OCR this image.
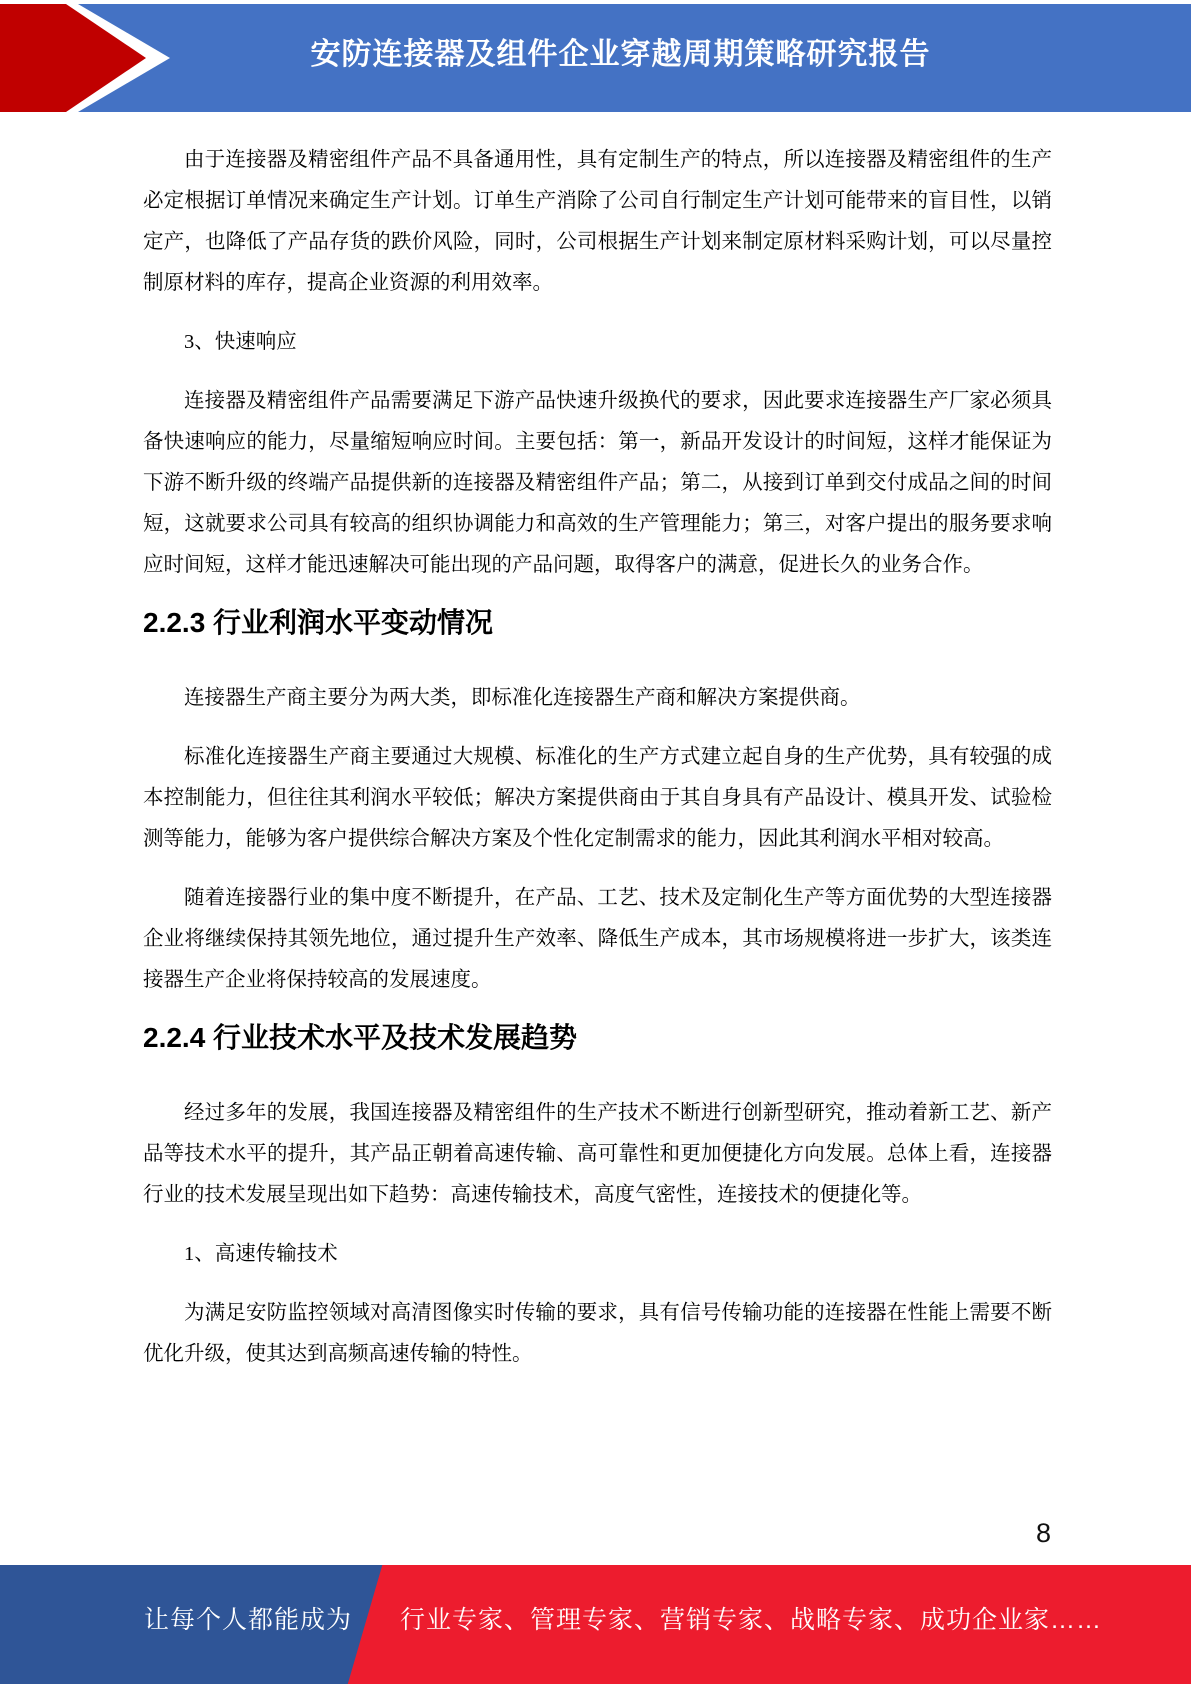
安防连接器及组件企业穿越周期策略研究报告
由于连接器及精密组件产品不具备通用性，具有定制生产的特点，所以连接器及精密组件的生产必定根据订单情况来确定生产计划。订单生产消除了公司自行制定生产计划可能带来的盲目性，以销定产，也降低了产品存货的跌价风险，同时，公司根据生产计划来制定原材料采购计划，可以尽量控制原材料的库存，提高企业资源的利用效率。
3、快速响应
连接器及精密组件产品需要满足下游产品快速升级换代的要求，因此要求连接器生产厂家必须具备快速响应的能力，尽量缩短响应时间。主要包括：第一，新品开发设计的时间短，这样才能保证为下游不断升级的终端产品提供新的连接器及精密组件产品；第二，从接到订单到交付成品之间的时间短，这就要求公司具有较高的组织协调能力和高效的生产管理能力；第三，对客户提出的服务要求响应时间短，这样才能迅速解决可能出现的产品问题，取得客户的满意，促进长久的业务合作。
2.2.3 行业利润水平变动情况
连接器生产商主要分为两大类，即标准化连接器生产商和解决方案提供商。
标准化连接器生产商主要通过大规模、标准化的生产方式建立起自身的生产优势，具有较强的成本控制能力，但往往其利润水平较低；解决方案提供商由于其自身具有产品设计、模具开发、试验检测等能力，能够为客户提供综合解决方案及个性化定制需求的能力，因此其利润水平相对较高。
随着连接器行业的集中度不断提升，在产品、工艺、技术及定制化生产等方面优势的大型连接器企业将继续保持其领先地位，通过提升生产效率、降低生产成本，其市场规模将进一步扩大，该类连接器生产企业将保持较高的发展速度。
2.2.4 行业技术水平及技术发展趋势
经过多年的发展，我国连接器及精密组件的生产技术不断进行创新型研究，推动着新工艺、新产品等技术水平的提升，其产品正朝着高速传输、高可靠性和更加便捷化方向发展。总体上看，连接器行业的技术发展呈现出如下趋势：高速传输技术，高度气密性，连接技术的便捷化等。
1、高速传输技术
为满足安防监控领域对高清图像实时传输的要求，具有信号传输功能的连接器在性能上需要不断优化升级，使其达到高频高速传输的特性。
8
让每个人都能成为 行业专家、管理专家、营销专家、战略专家、成功企业家……
